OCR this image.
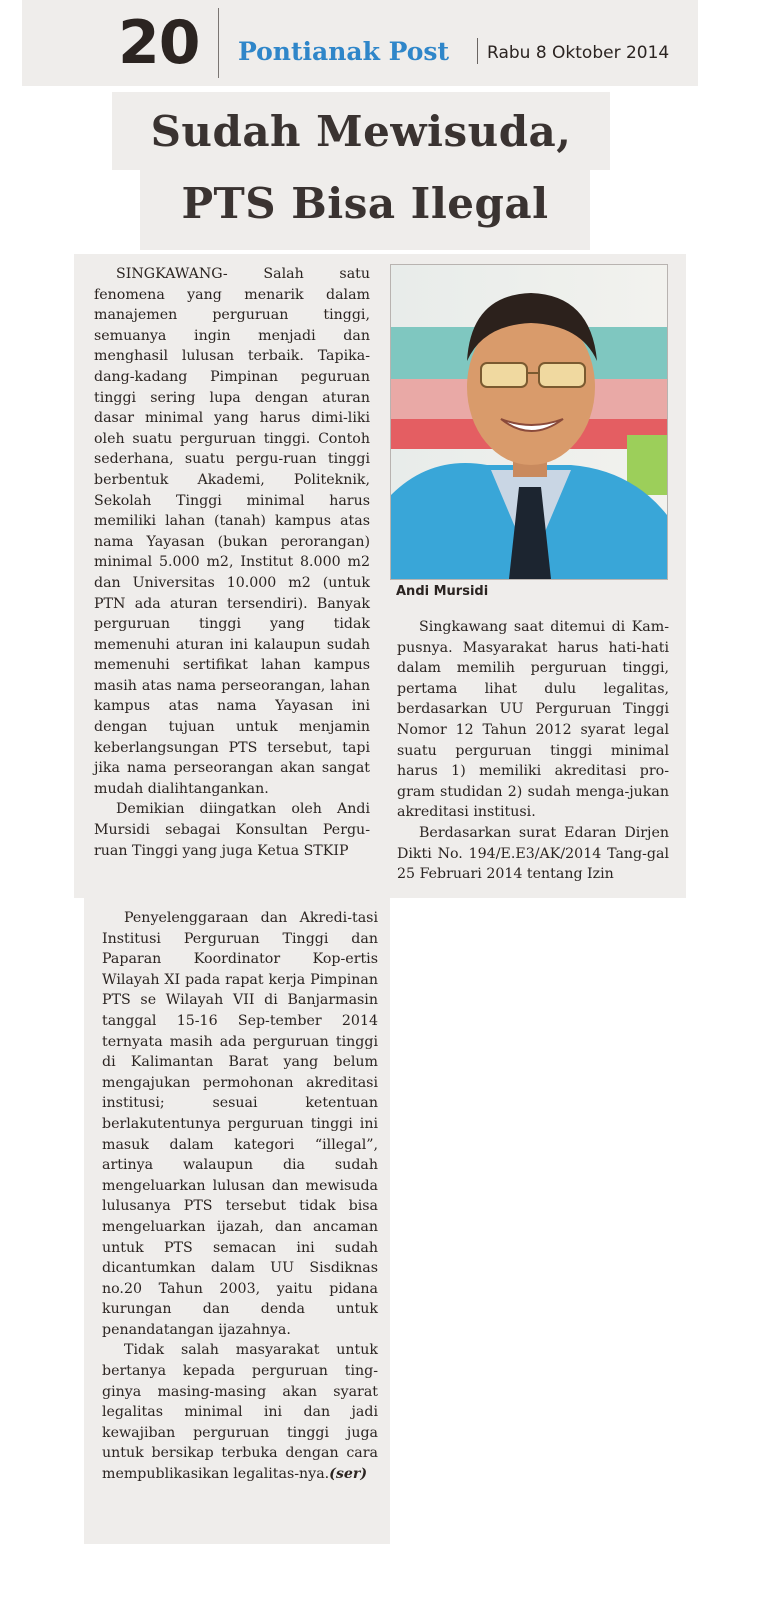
20 Pontianak Post Rabu 8 Oktober 2014
Sudah Mewisuda,
PTS Bisa Ilegal

SINGKAWANG- Salah satu fenomena yang menarik dalam manajemen perguruan tinggi, semuanya ingin menjadi dan menghasil lulusan terbaik. Tapika-dang-kadang Pimpinan peguruan tinggi sering lupa dengan aturan dasar minimal yang harus dimi-liki oleh suatu perguruan tinggi. Contoh sederhana, suatu pergu-ruan tinggi berbentuk Akademi, Politeknik, Sekolah Tinggi minimal harus memiliki lahan (tanah) kampus atas nama Yayasan (bukan perorangan) minimal 5.000 m2, Institut 8.000 m2 dan Universitas 10.000 m2 (untuk PTN ada aturan tersendiri). Banyak perguruan tinggi yang tidak memenuhi aturan ini kalaupun sudah memenuhi sertifikat lahan kampus masih atas nama perseorangan, lahan kampus atas nama Yayasan ini dengan tujuan untuk menjamin keberlangsungan PTS tersebut, tapi jika nama perseorangan akan sangat mudah dialihtangankan.

Demikian diingatkan oleh Andi Mursidi sebagai Konsultan Pergu-ruan Tinggi yang juga Ketua STKIP

Andi Mursidi

Singkawang saat ditemui di Kam-pusnya. Masyarakat harus hati-hati dalam memilih perguruan tinggi, pertama lihat dulu legalitas, berdasarkan UU Perguruan Tinggi Nomor 12 Tahun 2012 syarat legal suatu perguruan tinggi minimal harus 1) memiliki akreditasi pro-gram studidan 2) sudah menga-jukan akreditasi institusi.

Berdasarkan surat Edaran Dirjen Dikti No. 194/E.E3/AK/2014 Tang-gal 25 Februari 2014 tentang Izin

Penyelenggaraan dan Akredi-tasi Institusi Perguruan Tinggi dan Paparan Koordinator Kop-ertis Wilayah XI pada rapat kerja Pimpinan PTS se Wilayah VII di Banjarmasin tanggal 15-16 Sep-tember 2014 ternyata masih ada perguruan tinggi di Kalimantan Barat yang belum mengajukan permohonan akreditasi institusi; sesuai ketentuan berlakutentunya perguruan tinggi ini masuk dalam kategori “illegal”, artinya walaupun dia sudah mengeluarkan lulusan dan mewisuda lulusanya PTS tersebut tidak bisa mengeluarkan ijazah, dan ancaman untuk PTS semacan ini sudah dicantumkan dalam UU Sisdiknas no.20 Tahun 2003, yaitu pidana kurungan dan denda untuk penandatangan ijazahnya.

Tidak salah masyarakat untuk bertanya kepada perguruan ting-ginya masing-masing akan syarat legalitas minimal ini dan jadi kewajiban perguruan tinggi juga untuk bersikap terbuka dengan cara mempublikasikan legalitas-nya.(ser)
